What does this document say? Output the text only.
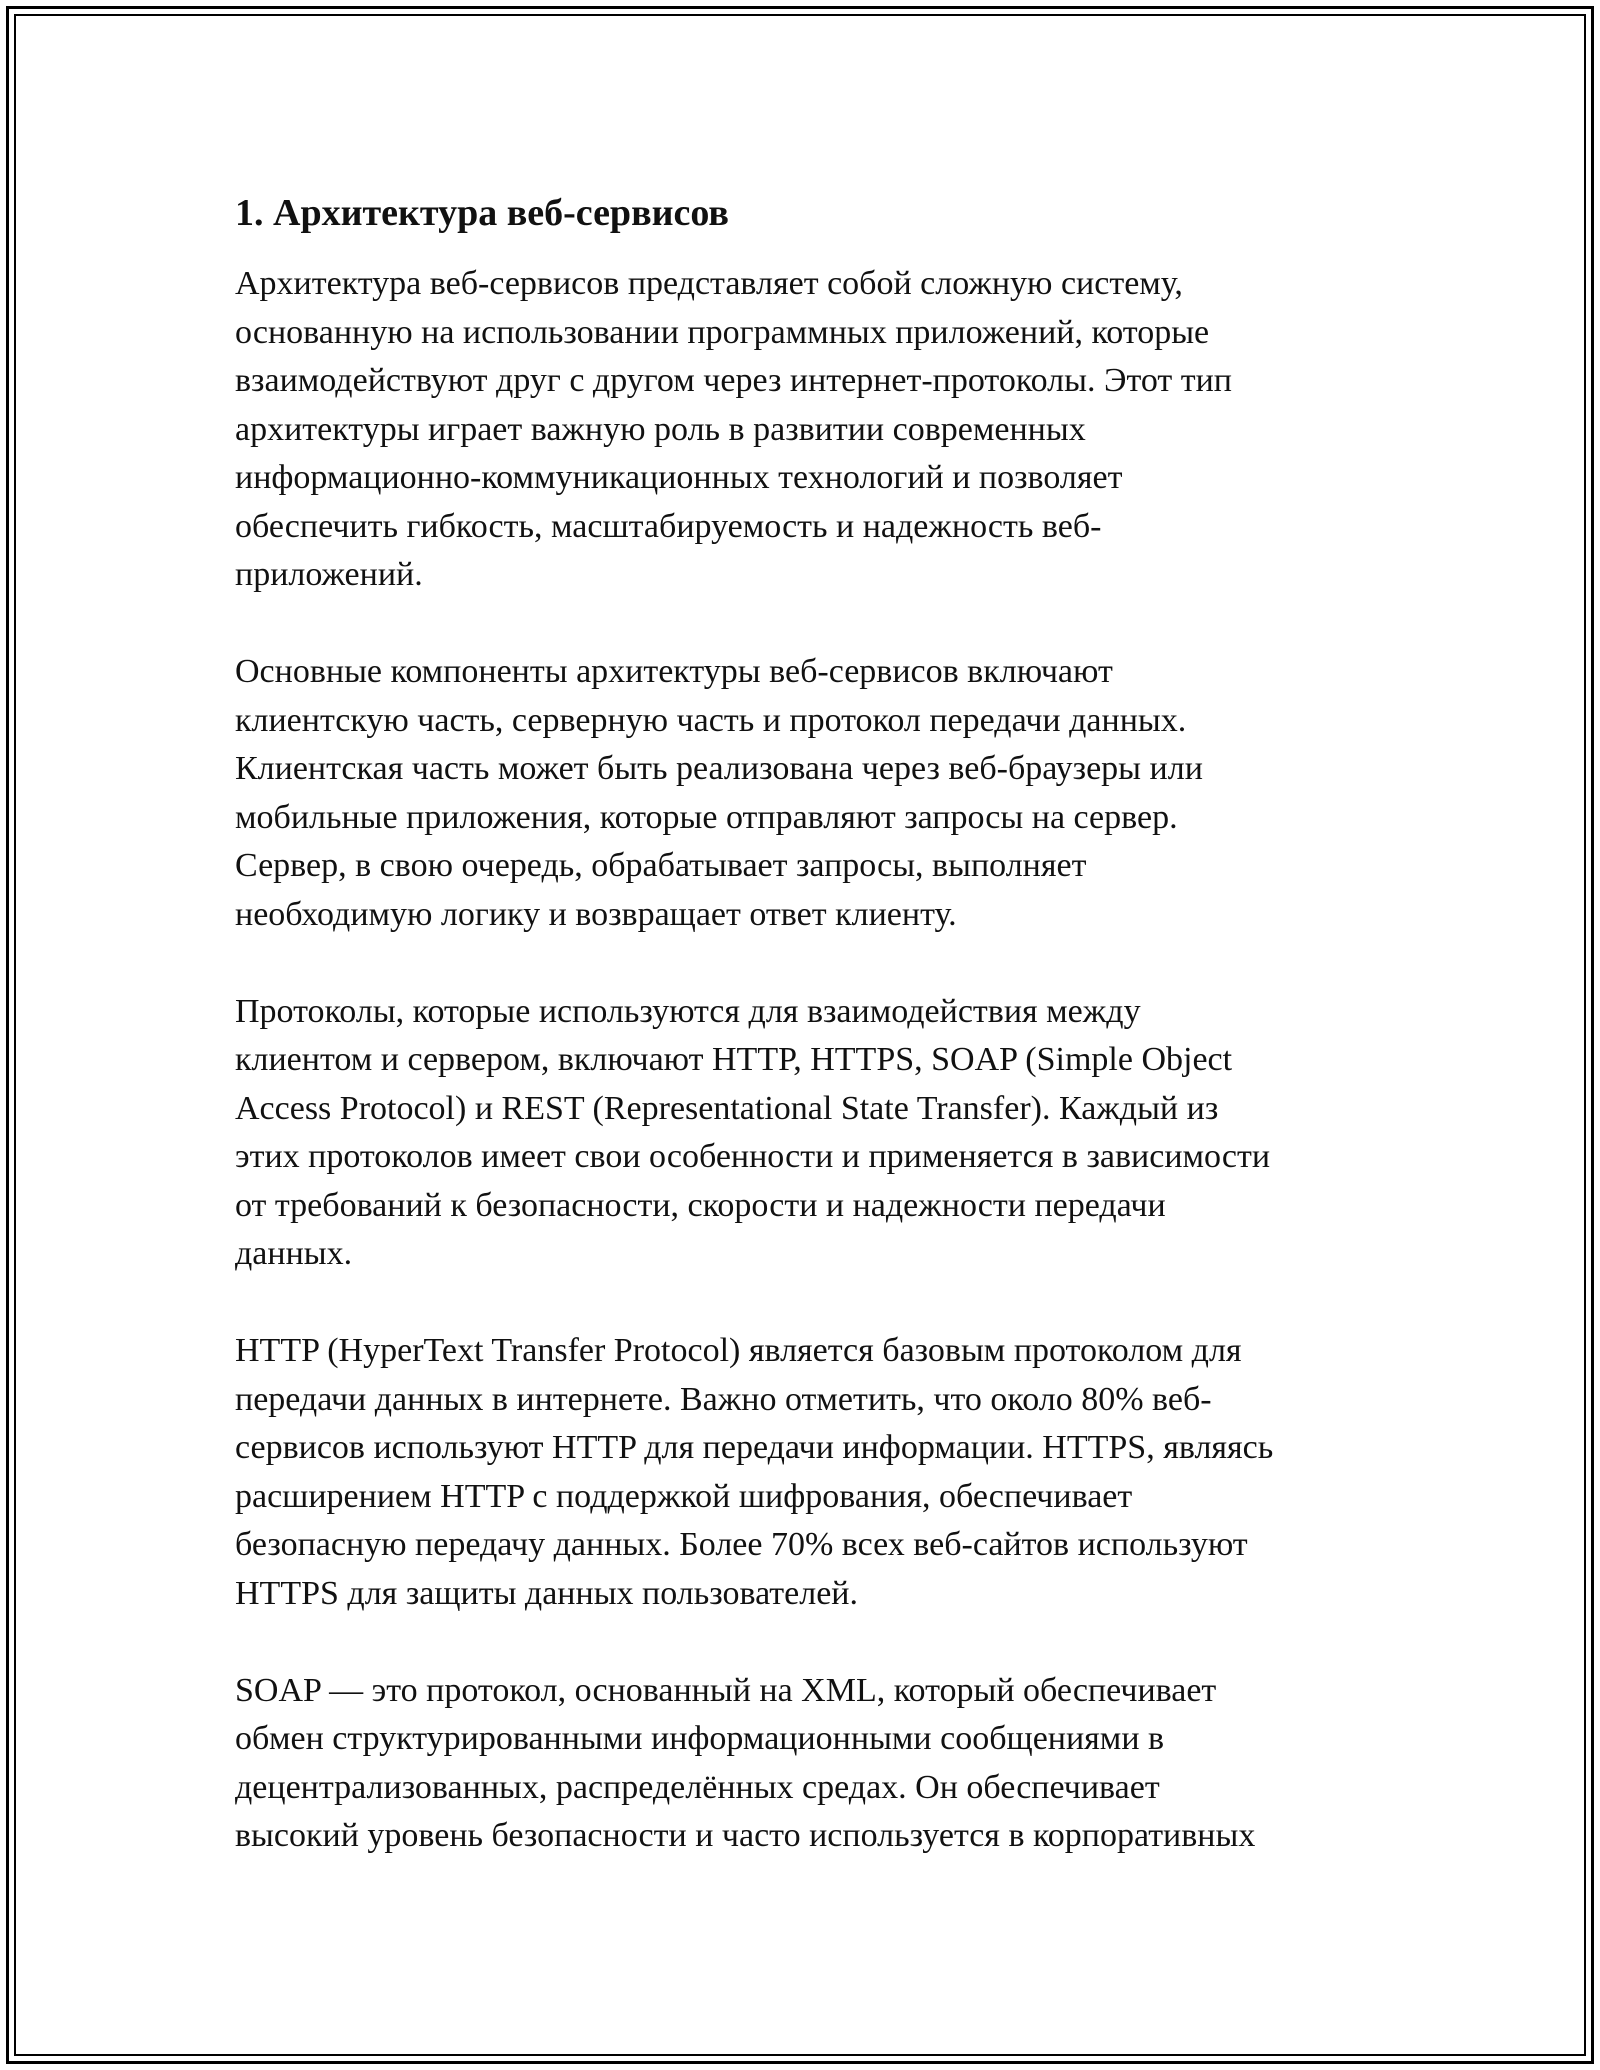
1. Архитектура веб-сервисов

Архитектура веб-сервисов представляет собой сложную систему,
основанную на использовании программных приложений, которые
взаимодействуют друг с другом через интернет-протоколы. Этот тип
архитектуры играет важную роль в развитии современных
информационно-коммуникационных технологий и позволяет
обеспечить гибкость, масштабируемость и надежность веб-
приложений.

Основные компоненты архитектуры веб-сервисов включают
клиентскую часть, серверную часть и протокол передачи данных.
Клиентская часть может быть реализована через веб-браузеры или
мобильные приложения, которые отправляют запросы на сервер.
Сервер, в свою очередь, обрабатывает запросы, выполняет
необходимую логику и возвращает ответ клиенту.

Протоколы, которые используются для взаимодействия между
клиентом и сервером, включают HTTP, HTTPS, SOAP (Simple Object
Access Protocol) и REST (Representational State Transfer). Каждый из
этих протоколов имеет свои особенности и применяется в зависимости
от требований к безопасности, скорости и надежности передачи
данных.

HTTP (HyperText Transfer Protocol) является базовым протоколом для
передачи данных в интернете. Важно отметить, что около 80% веб-
сервисов используют HTTP для передачи информации. HTTPS, являясь
расширением HTTP с поддержкой шифрования, обеспечивает
безопасную передачу данных. Более 70% всех веб-сайтов используют
HTTPS для защиты данных пользователей.

SOAP — это протокол, основанный на XML, который обеспечивает
обмен структурированными информационными сообщениями в
децентрализованных, распределённых средах. Он обеспечивает
высокий уровень безопасности и часто используется в корпоративных
